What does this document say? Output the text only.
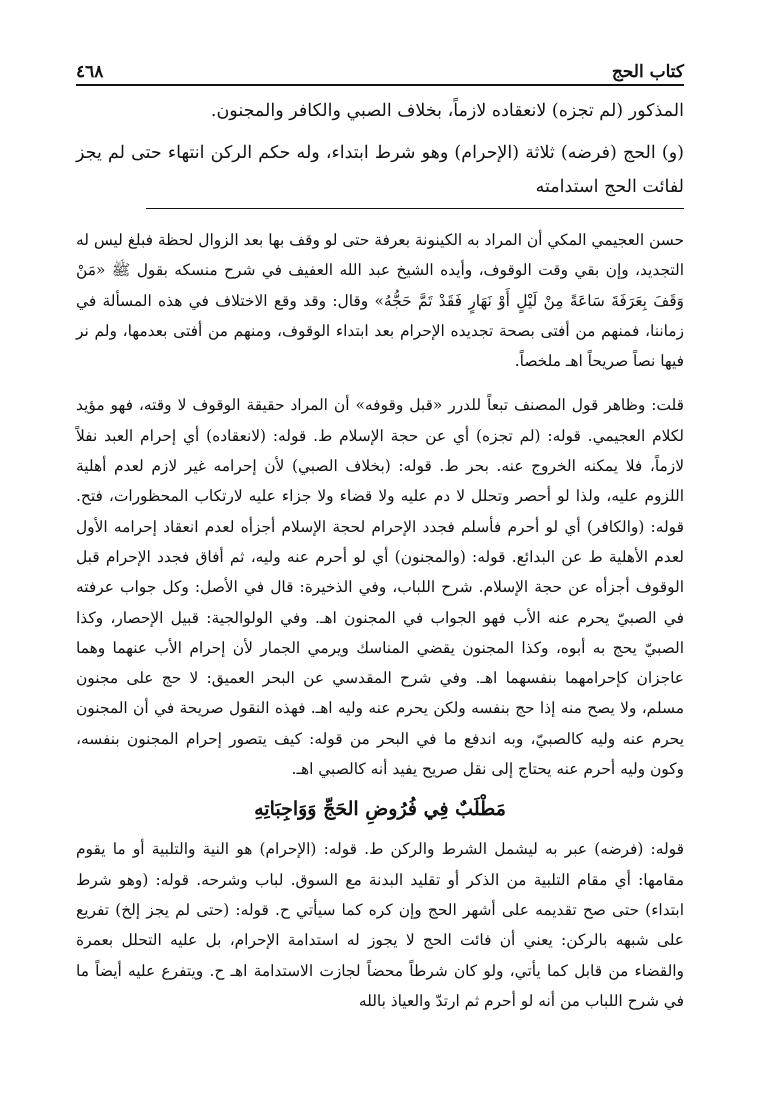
كتاب الحج
٤٦٨

المذكور (لم تجزه) لانعقاده لازماً، بخلاف الصبي والكافر والمجنون.

(و) الحج (فرضه) ثلاثة (الإحرام) وهو شرط ابتداء، وله حكم الركن انتهاء حتى لم يجز لفائت الحج استدامته

حسن العجيمي المكي أن المراد به الكينونة بعرفة حتى لو وقف بها بعد الزوال لحظة فبلغ ليس له التجديد، وإن بقي وقت الوقوف، وأيده الشيخ عبد الله العفيف في شرح منسكه بقول ﷺ «مَنْ وَقَفَ بِعَرَفَةَ سَاعَةً مِنْ لَيْلٍ أَوْ نَهَارٍ فَقَدْ تَمَّ حَجُّهُ» وقال: وقد وقع الاختلاف في هذه المسألة في زماننا، فمنهم من أفتى بصحة تجديده الإحرام بعد ابتداء الوقوف، ومنهم من أفتى بعدمها، ولم نر فيها نصاً صريحاً اهـ ملخصاً.

قلت: وظاهر قول المصنف تبعاً للدرر «قبل وقوفه» أن المراد حقيقة الوقوف لا وقته، فهو مؤيد لكلام العجيمي. قوله: (لم تجزه) أي عن حجة الإسلام ط. قوله: (لانعقاده) أي إحرام العبد نفلاً لازماً، فلا يمكنه الخروج عنه. بحر ط. قوله: (بخلاف الصبي) لأن إحرامه غير لازم لعدم أهلية اللزوم عليه، ولذا لو أحصر وتحلل لا دم عليه ولا قضاء ولا جزاء عليه لارتكاب المحظورات، فتح. قوله: (والكافر) أي لو أحرم فأسلم فجدد الإحرام لحجة الإسلام أجزأه لعدم انعقاد إحرامه الأول لعدم الأهلية ط عن البدائع. قوله: (والمجنون) أي لو أحرم عنه وليه، ثم أفاق فجدد الإحرام قبل الوقوف أجزأه عن حجة الإسلام. شرح اللباب، وفي الذخيرة: قال في الأصل: وكل جواب عرفته في الصبيّ يحرم عنه الأب فهو الجواب في المجنون اهـ. وفي الولوالجية: قبيل الإحصار، وكذا الصبيّ يحج به أبوه، وكذا المجنون يقضي المناسك ويرمي الجمار لأن إحرام الأب عنهما وهما عاجزان كإحرامهما بنفسهما اهـ. وفي شرح المقدسي عن البحر العميق: لا حج على مجنون مسلم، ولا يصح منه إذا حج بنفسه ولكن يحرم عنه وليه اهـ. فهذه النقول صريحة في أن المجنون يحرم عنه وليه كالصبيّ، وبه اندفع ما في البحر من قوله: كيف يتصور إحرام المجنون بنفسه، وكون وليه أحرم عنه يحتاج إلى نقل صريح يفيد أنه كالصبي اهـ.

مَطْلَبٌ فِي فُرُوضِ الحَجِّ وَوَاجِبَاتِهِ

قوله: (فرضه) عبر به ليشمل الشرط والركن ط. قوله: (الإحرام) هو النية والتلبية أو ما يقوم مقامها: أي مقام التلبية من الذكر أو تقليد البدنة مع السوق. لباب وشرحه. قوله: (وهو شرط ابتداء) حتى صح تقديمه على أشهر الحج وإن كره كما سيأتي ح. قوله: (حتى لم يجز إلخ) تفريع على شبهه بالركن: يعني أن فائت الحج لا يجوز له استدامة الإحرام، بل عليه التحلل بعمرة والقضاء من قابل كما يأتي، ولو كان شرطاً محضاً لجازت الاستدامة اهـ ح. ويتفرع عليه أيضاً ما في شرح اللباب من أنه لو أحرم ثم ارتدّ والعياذ بالله
